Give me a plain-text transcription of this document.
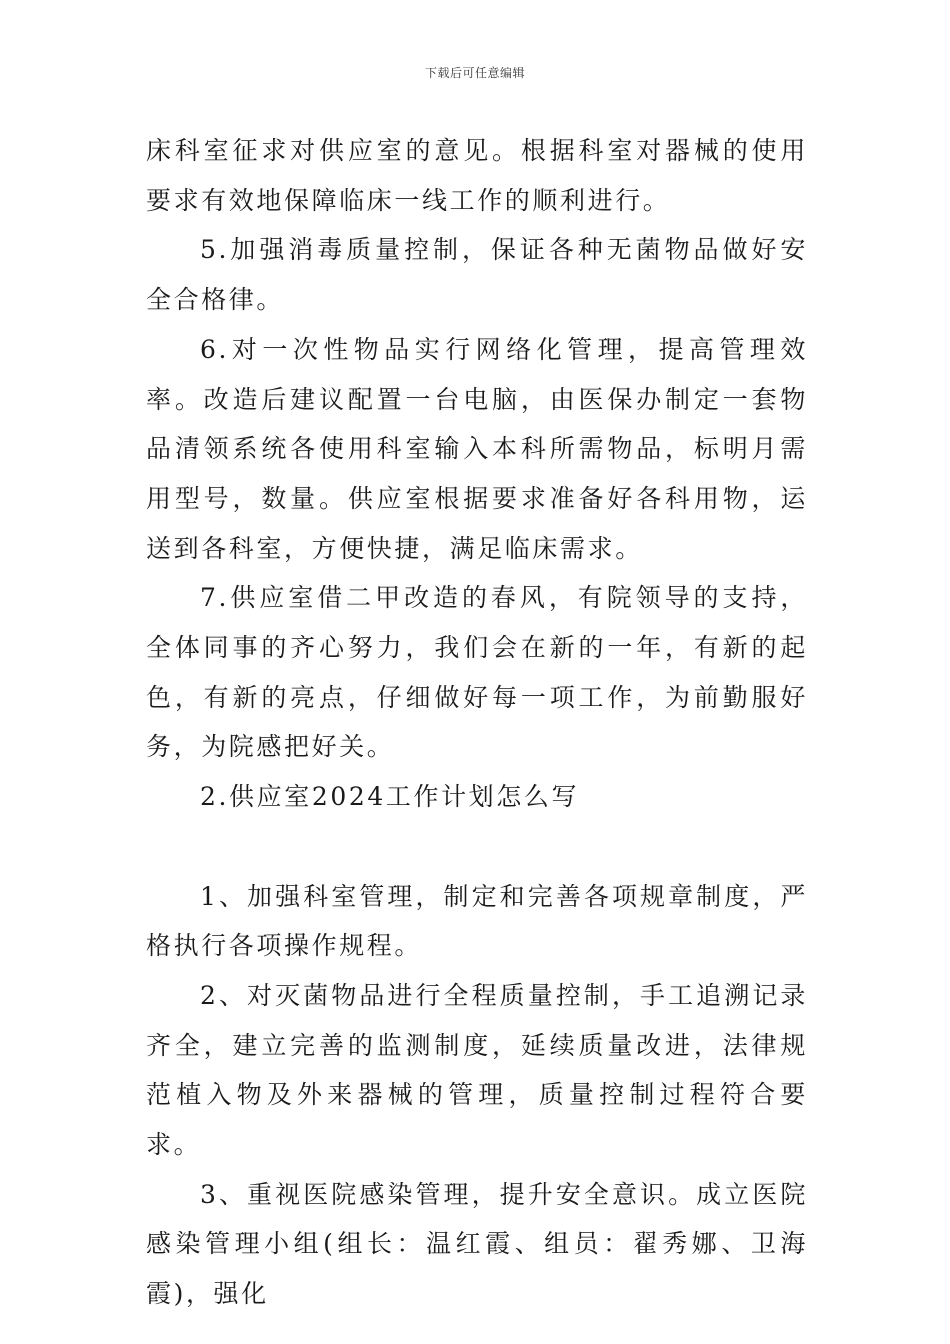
下载后可任意编辑

床科室征求对供应室的意见。根据科室对器械的使用要求有效地保障临床一线工作的顺利进行。

5.加强消毒质量控制，保证各种无菌物品做好安全合格律。

6.对一次性物品实行网络化管理，提高管理效率。改造后建议配置一台电脑，由医保办制定一套物品清领系统各使用科室输入本科所需物品，标明月需用型号，数量。供应室根据要求准备好各科用物，运送到各科室，方便快捷，满足临床需求。

7.供应室借二甲改造的春风，有院领导的支持，全体同事的齐心努力，我们会在新的一年，有新的起色，有新的亮点，仔细做好每一项工作，为前勤服好务，为院感把好关。

2.供应室2024工作计划怎么写

1、加强科室管理，制定和完善各项规章制度，严格执行各项操作规程。

2、对灭菌物品进行全程质量控制，手工追溯记录齐全，建立完善的监测制度，延续质量改进，法律规范植入物及外来器械的管理，质量控制过程符合要求。

3、重视医院感染管理，提升安全意识。成立医院感染管理小组(组长：温红霞、组员：翟秀娜、卫海霞)，强化
